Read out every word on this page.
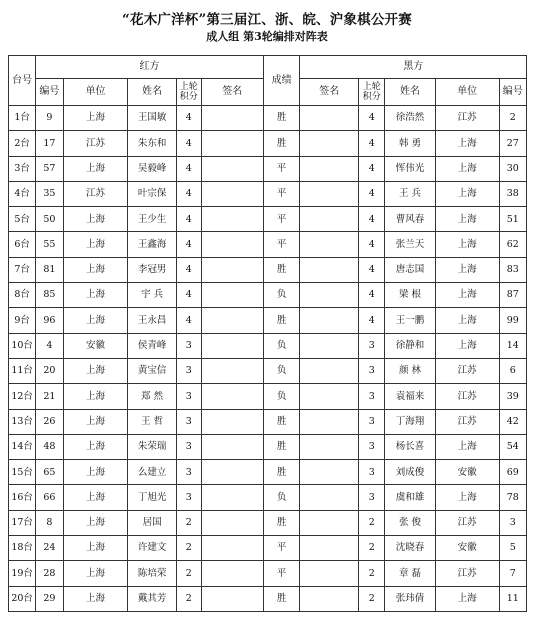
“花木广洋杯”第三届江、浙、皖、沪象棋公开赛
成人组 第3轮编排对阵表
台号	红方					成绩	黑方				
	编号	单位	姓名	上轮积分	签名		签名	上轮积分	姓名	单位	编号
1台	9	上海	王国敏	4		胜		4	徐浩然	江苏	2
2台	17	江苏	朱东和	4		胜		4	韩 勇	上海	27
3台	57	上海	吴毅峰	4		平		4	恽伟光	上海	30
4台	35	江苏	叶宗保	4		平		4	王 兵	上海	38
5台	50	上海	王少生	4		平		4	曹风春	上海	51
6台	55	上海	王鑫海	4		平		4	张兰天	上海	62
7台	81	上海	李冠男	4		胜		4	唐志国	上海	83
8台	85	上海	宇 兵	4		负		4	梁 根	上海	87
9台	96	上海	王永昌	4		胜		4	王一鹏	上海	99
10台	4	安徽	侯青峰	3		负		3	徐静和	上海	14
11台	20	上海	黄宝信	3		负		3	颜 林	江苏	6
12台	21	上海	郑 然	3		负		3	袁福来	江苏	39
13台	26	上海	王 哲	3		胜		3	丁海翔	江苏	42
14台	48	上海	朱荣瑞	3		胜		3	杨长喜	上海	54
15台	65	上海	么建立	3		胜		3	刘成俊	安徽	69
16台	66	上海	丁旭光	3		负		3	虞和雄	上海	78
17台	8	上海	居国	2		胜		2	张 俊	江苏	3
18台	24	上海	许建文	2		平		2	沈晓春	安徽	5
19台	28	上海	陈培荣	2		平		2	章 磊	江苏	7
20台	29	上海	戴其芳	2		胜		2	张玮倩	上海	11
